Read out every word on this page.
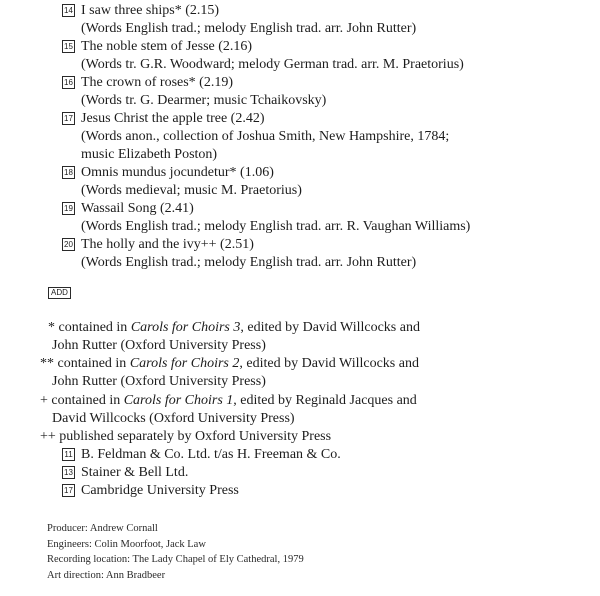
14 I saw three ships* (2.15)
(Words English trad.; melody English trad. arr. John Rutter)
15 The noble stem of Jesse (2.16)
(Words tr. G.R. Woodward; melody German trad. arr. M. Praetorius)
16 The crown of roses* (2.19)
(Words tr. G. Dearmer; music Tchaikovsky)
17 Jesus Christ the apple tree (2.42)
(Words anon., collection of Joshua Smith, New Hampshire, 1784;
music Elizabeth Poston)
18 Omnis mundus jocundetur* (1.06)
(Words medieval; music M. Praetorius)
19 Wassail Song (2.41)
(Words English trad.; melody English trad. arr. R. Vaughan Williams)
20 The holly and the ivy++ (2.51)
(Words English trad.; melody English trad. arr. John Rutter)
ADD
* contained in Carols for Choirs 3, edited by David Willcocks and
John Rutter (Oxford University Press)
** contained in Carols for Choirs 2, edited by David Willcocks and
John Rutter (Oxford University Press)
+ contained in Carols for Choirs 1, edited by Reginald Jacques and
David Willcocks (Oxford University Press)
++ published separately by Oxford University Press
11 B. Feldman & Co. Ltd. t/as H. Freeman & Co.
13 Stainer & Bell Ltd.
17 Cambridge University Press
Producer: Andrew Cornall
Engineers: Colin Moorfoot, Jack Law
Recording location: The Lady Chapel of Ely Cathedral, 1979
Art direction: Ann Bradbeer
